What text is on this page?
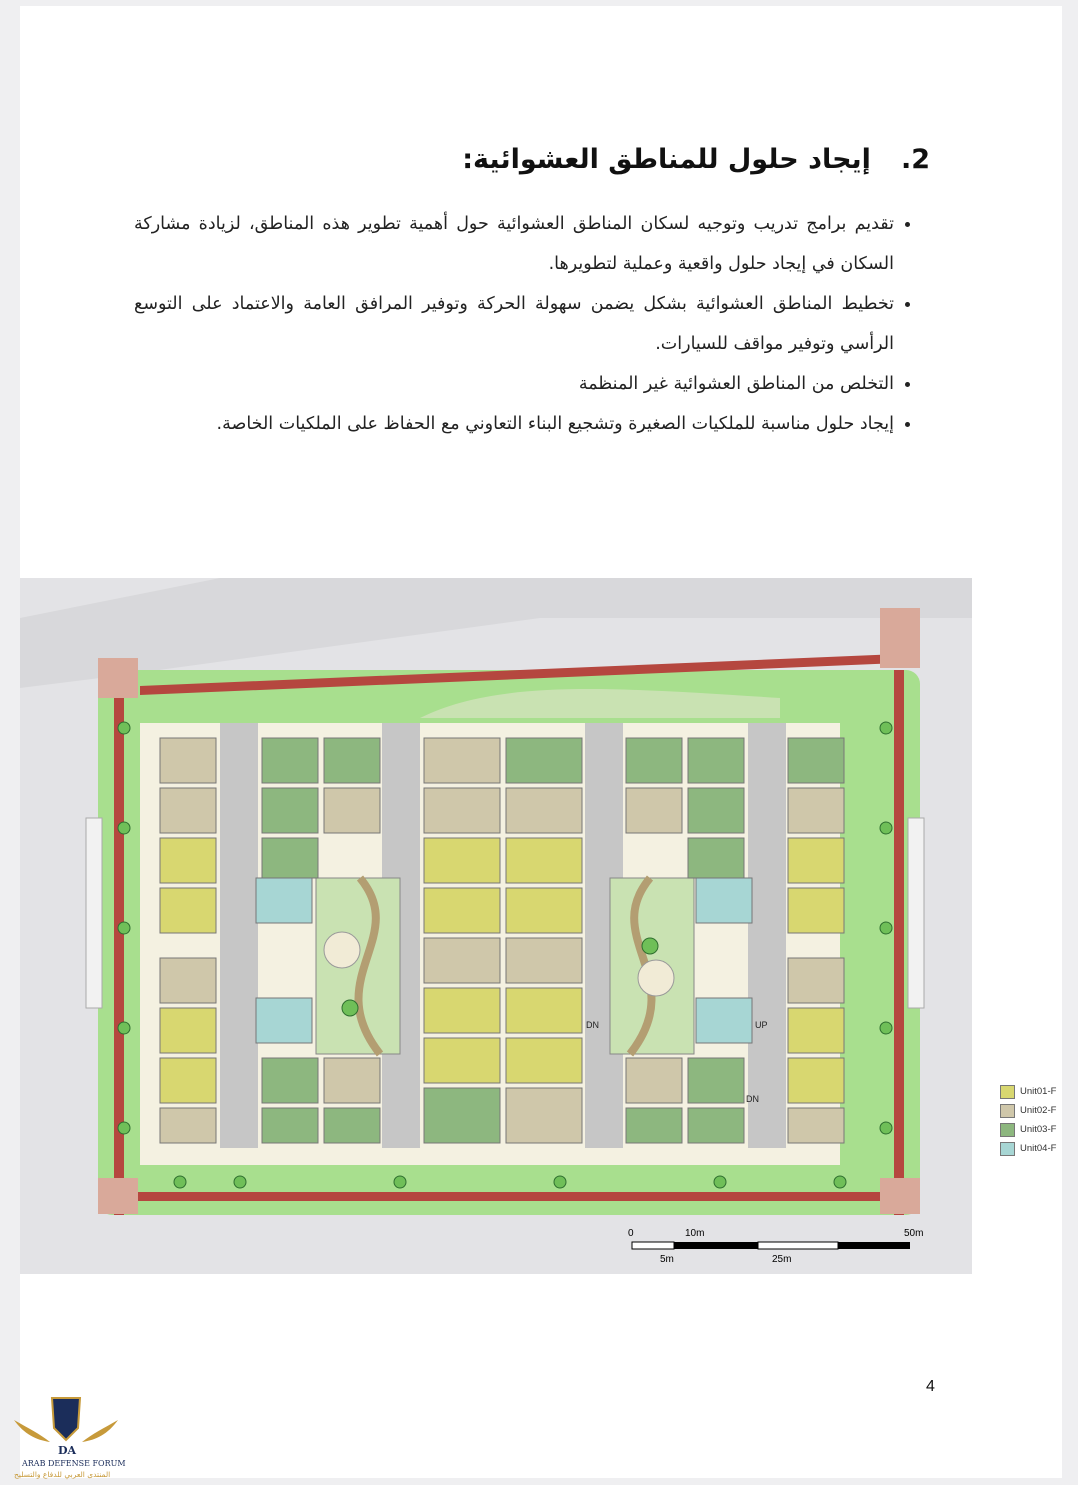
.2
إيجاد حلول للمناطق العشوائية:
• تقديم برامج تدريب وتوجيه لسكان المناطق العشوائية حول أهمية تطوير هذه المناطق، لزيادة مشاركة السكان في إيجاد حلول واقعية وعملية لتطويرها.
• تخطيط المناطق العشوائية بشكل يضمن سهولة الحركة وتوفير المرافق العامة والاعتماد على التوسع الرأسي وتوفير مواقف للسيارات.
• التخلص من المناطق العشوائية غير المنظمة
• إيجاد حلول مناسبة للملكيات الصغيرة وتشجيع البناء التعاوني مع الحفاظ على الملكيات الخاصة.
DN	UP
DN
0	10m	50m
5m	25m
Unit01-F
Unit02-F
Unit03-F
Unit04-F
4
DA
ARAB DEFENSE FORUM
المنتدى العربي للدفاع والتسليح
